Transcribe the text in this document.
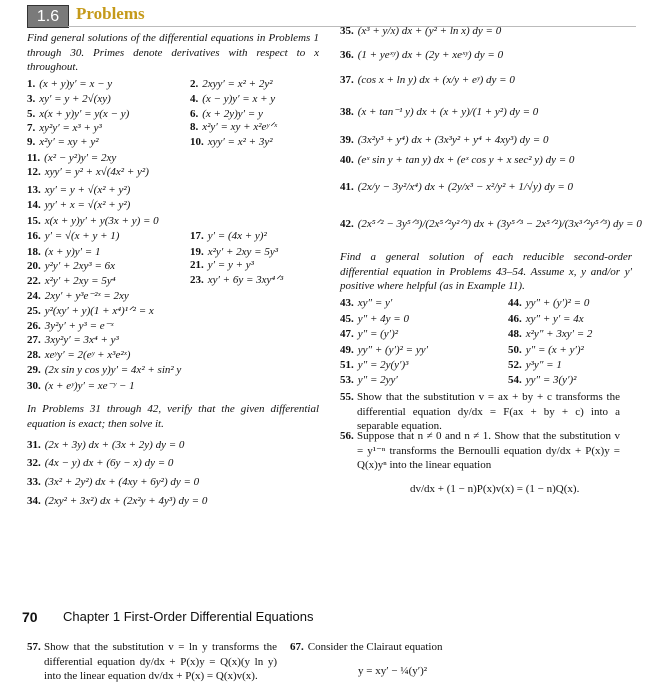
1.6 Problems
Find general solutions of the differential equations in Problems 1 through 30. Primes denote derivatives with respect to x throughout.
1. (x + y)y′ = x − y
3. xy′ = y + 2√(xy)
5. x(x + y)y′ = y(x − y)
7. xy²y′ = x³ + y³
9. x²y′ = xy + y²
11. (x² − y²)y′ = 2xy
12. xyy′ = y² + x√(4x² + y²)
13. xy′ = y + √(x² + y²)
14. yy′ + x = √(x² + y²)
15. x(x + y)y′ + y(3x + y) = 0
16. y′ = √(x + y + 1)
18. (x + y)y′ = 1
20. y²y′ + 2xy³ = 6x
22. x²y′ + 2xy = 5y⁴
24. 2xy′ + y³e⁻²ˣ = 2xy
25. y²(xy′ + y)(1 + x⁴)¹ᐟ² = x
26. 3y²y′ + y³ = e⁻ˣ
27. 3xy²y′ = 3x⁴ + y³
28. xeʸy′ = 2(eʸ + x³e²ˣ)
29. (2x sin y cos y)y′ = 4x² + sin² y
30. (x + eʸ)y′ = xe⁻ʸ − 1
2. 2xyy′ = x² + 2y²
4. (x − y)y′ = x + y
6. (x + 2y)y′ = y
8. x²y′ = xy + x²eʸᐟˣ
10. xyy′ = x² + 3y²
17. y′ = (4x + y)²
19. x²y′ + 2xy = 5y³
21. y′ = y + y³
23. xy′ + 6y = 3xy⁴ᐟ³
In Problems 31 through 42, verify that the given differential equation is exact; then solve it.
31. (2x + 3y) dx + (3x + 2y) dy = 0
32. (4x − y) dx + (6y − x) dy = 0
33. (3x² + 2y²) dx + (4xy + 6y²) dy = 0
34. (2xy² + 3x²) dx + (2x²y + 4y³) dy = 0
35. (x³ + y/x) dx + (y² + ln x) dy = 0
36. (1 + yeˣʸ) dx + (2y + xeˣʸ) dy = 0
37. (cos x + ln y) dx + (x/y + eʸ) dy = 0
38. (x + tan⁻¹ y) dx + (x + y)/(1 + y²) dy = 0
39. (3x²y³ + y⁴) dx + (3x³y² + y⁴ + 4xy³) dy = 0
40. (eˣ sin y + tan y) dx + (eˣ cos y + x sec² y) dy = 0
41. (2x/y − 3y²/x⁴) dx + (2y/x³ − x²/y² + 1/√y) dy = 0
42. (2x⁵ᐟ² − 3y⁵ᐟ³)/(2x⁵ᐟ²y²ᐟ³) dx + (3y⁵ᐟ³ − 2x⁵ᐟ²)/(3x³ᐟ²y⁵ᐟ³) dy = 0
Find a general solution of each reducible second-order differential equation in Problems 43–54. Assume x, y and/or y′ positive where helpful (as in Example 11).
43. xy″ = y′	44. yy″ + (y′)² = 0
45. y″ + 4y = 0	46. xy″ + y′ = 4x
47. y″ = (y′)²	48. x²y″ + 3xy′ = 2
49. yy″ + (y′)² = yy′	50. y″ = (x + y′)²
51. y″ = 2y(y′)³	52. y³y″ = 1
53. y″ = 2yy′	54. yy″ = 3(y′)²
55. Show that the substitution v = ax + by + c transforms the differential equation dy/dx = F(ax + by + c) into a separable equation.
56. Suppose that n ≠ 0 and n ≠ 1. Show that the substitution v = y¹⁻ⁿ transforms the Bernoulli equation dy/dx + P(x)y = Q(x)yⁿ into the linear equation
dv/dx + (1 − n)P(x)v(x) = (1 − n)Q(x).
70 Chapter 1 First-Order Differential Equations
57. Show that the substitution v = ln y transforms the differential equation dy/dx + P(x)y = Q(x)(y ln y) into the linear equation dv/dx + P(x) = Q(x)v(x).
67. Consider the Clairaut equation
y = xy′ − ¼(y′)²
